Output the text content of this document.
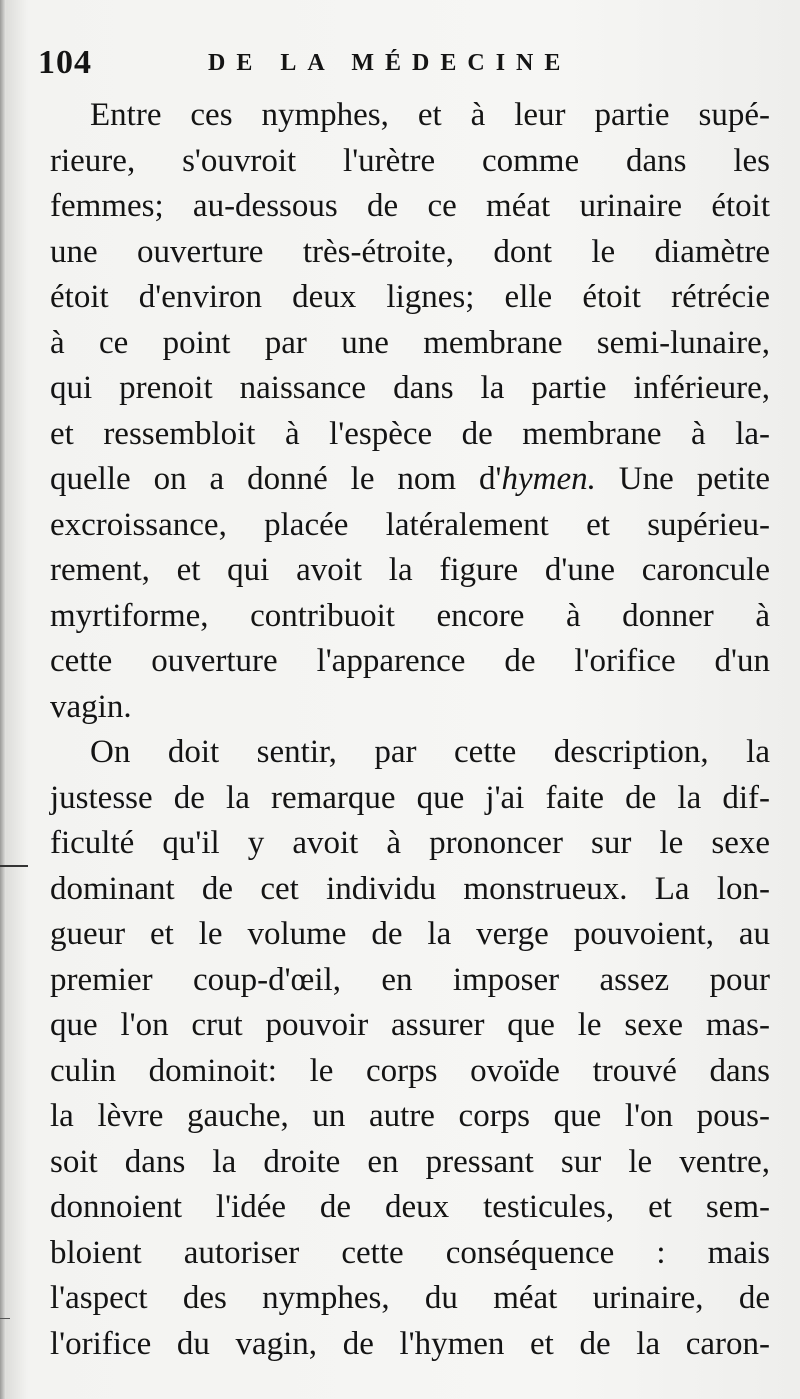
104	DE LA MÉDECINE
Entre ces nymphes, et à leur partie supé-
rieure, s'ouvroit l'urètre comme dans les
femmes; au-dessous de ce méat urinaire étoit
une ouverture très-étroite, dont le diamètre
étoit d'environ deux lignes; elle étoit rétrécie
à ce point par une membrane semi-lunaire,
qui prenoit naissance dans la partie inférieure,
et ressembloit à l'espèce de membrane à la-
quelle on a donné le nom d'hymen. Une petite
excroissance, placée latéralement et supérieu-
rement, et qui avoit la figure d'une caroncule
myrtiforme, contribuoit encore à donner à
cette ouverture l'apparence de l'orifice d'un
vagin.
On doit sentir, par cette description, la
justesse de la remarque que j'ai faite de la dif-
ficulté qu'il y avoit à prononcer sur le sexe
dominant de cet individu monstrueux. La lon-
gueur et le volume de la verge pouvoient, au
premier coup-d'œil, en imposer assez pour
que l'on crut pouvoir assurer que le sexe mas-
culin dominoit: le corps ovoïde trouvé dans
la lèvre gauche, un autre corps que l'on pous-
soit dans la droite en pressant sur le ventre,
donnoient l'idée de deux testicules, et sem-
bloient autoriser cette conséquence : mais
l'aspect des nymphes, du méat urinaire, de
l'orifice du vagin, de l'hymen et de la caron-
